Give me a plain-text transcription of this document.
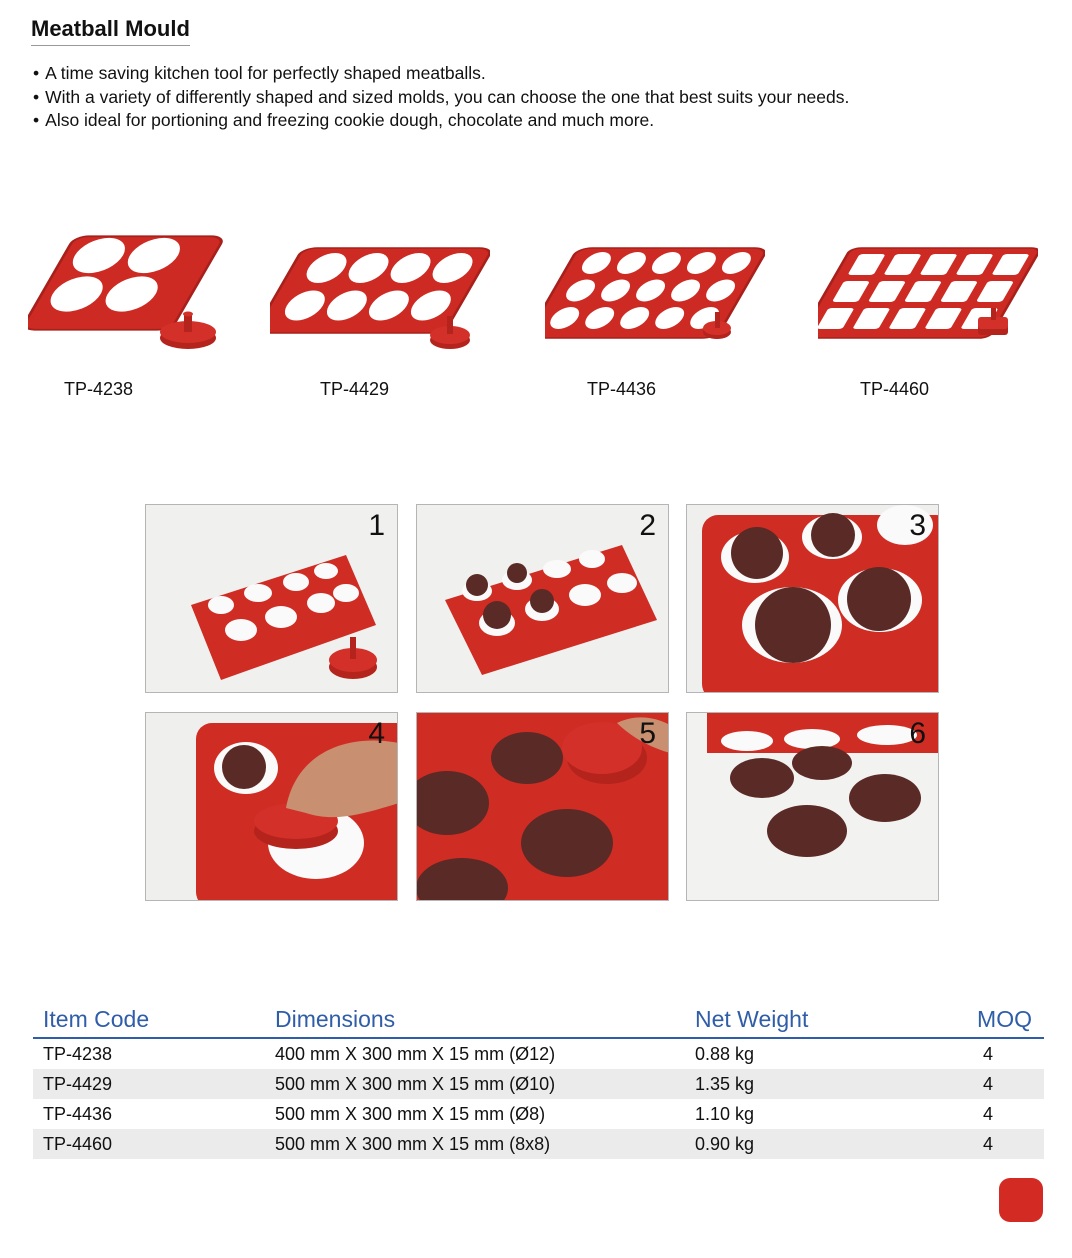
Meatball Mould
• A time saving kitchen tool for perfectly shaped meatballs.
• With a variety of differently shaped and sized molds, you can choose the one that best suits your needs.
• Also ideal for portioning and freezing cookie dough, chocolate and much more.
TP-4238	TP-4429	TP-4436	TP-4460
1	2	3
4	5	6
Item Code	Dimensions	Net Weight	MOQ
TP-4238	400 mm X 300 mm X 15 mm (Ø12)	0.88 kg	4
TP-4429	500 mm X 300 mm X 15 mm (Ø10)	1.35 kg	4
TP-4436	500 mm X 300 mm X 15 mm (Ø8)	1.10 kg	4
TP-4460	500 mm X 300 mm X 15 mm (8x8)	0.90 kg	4
